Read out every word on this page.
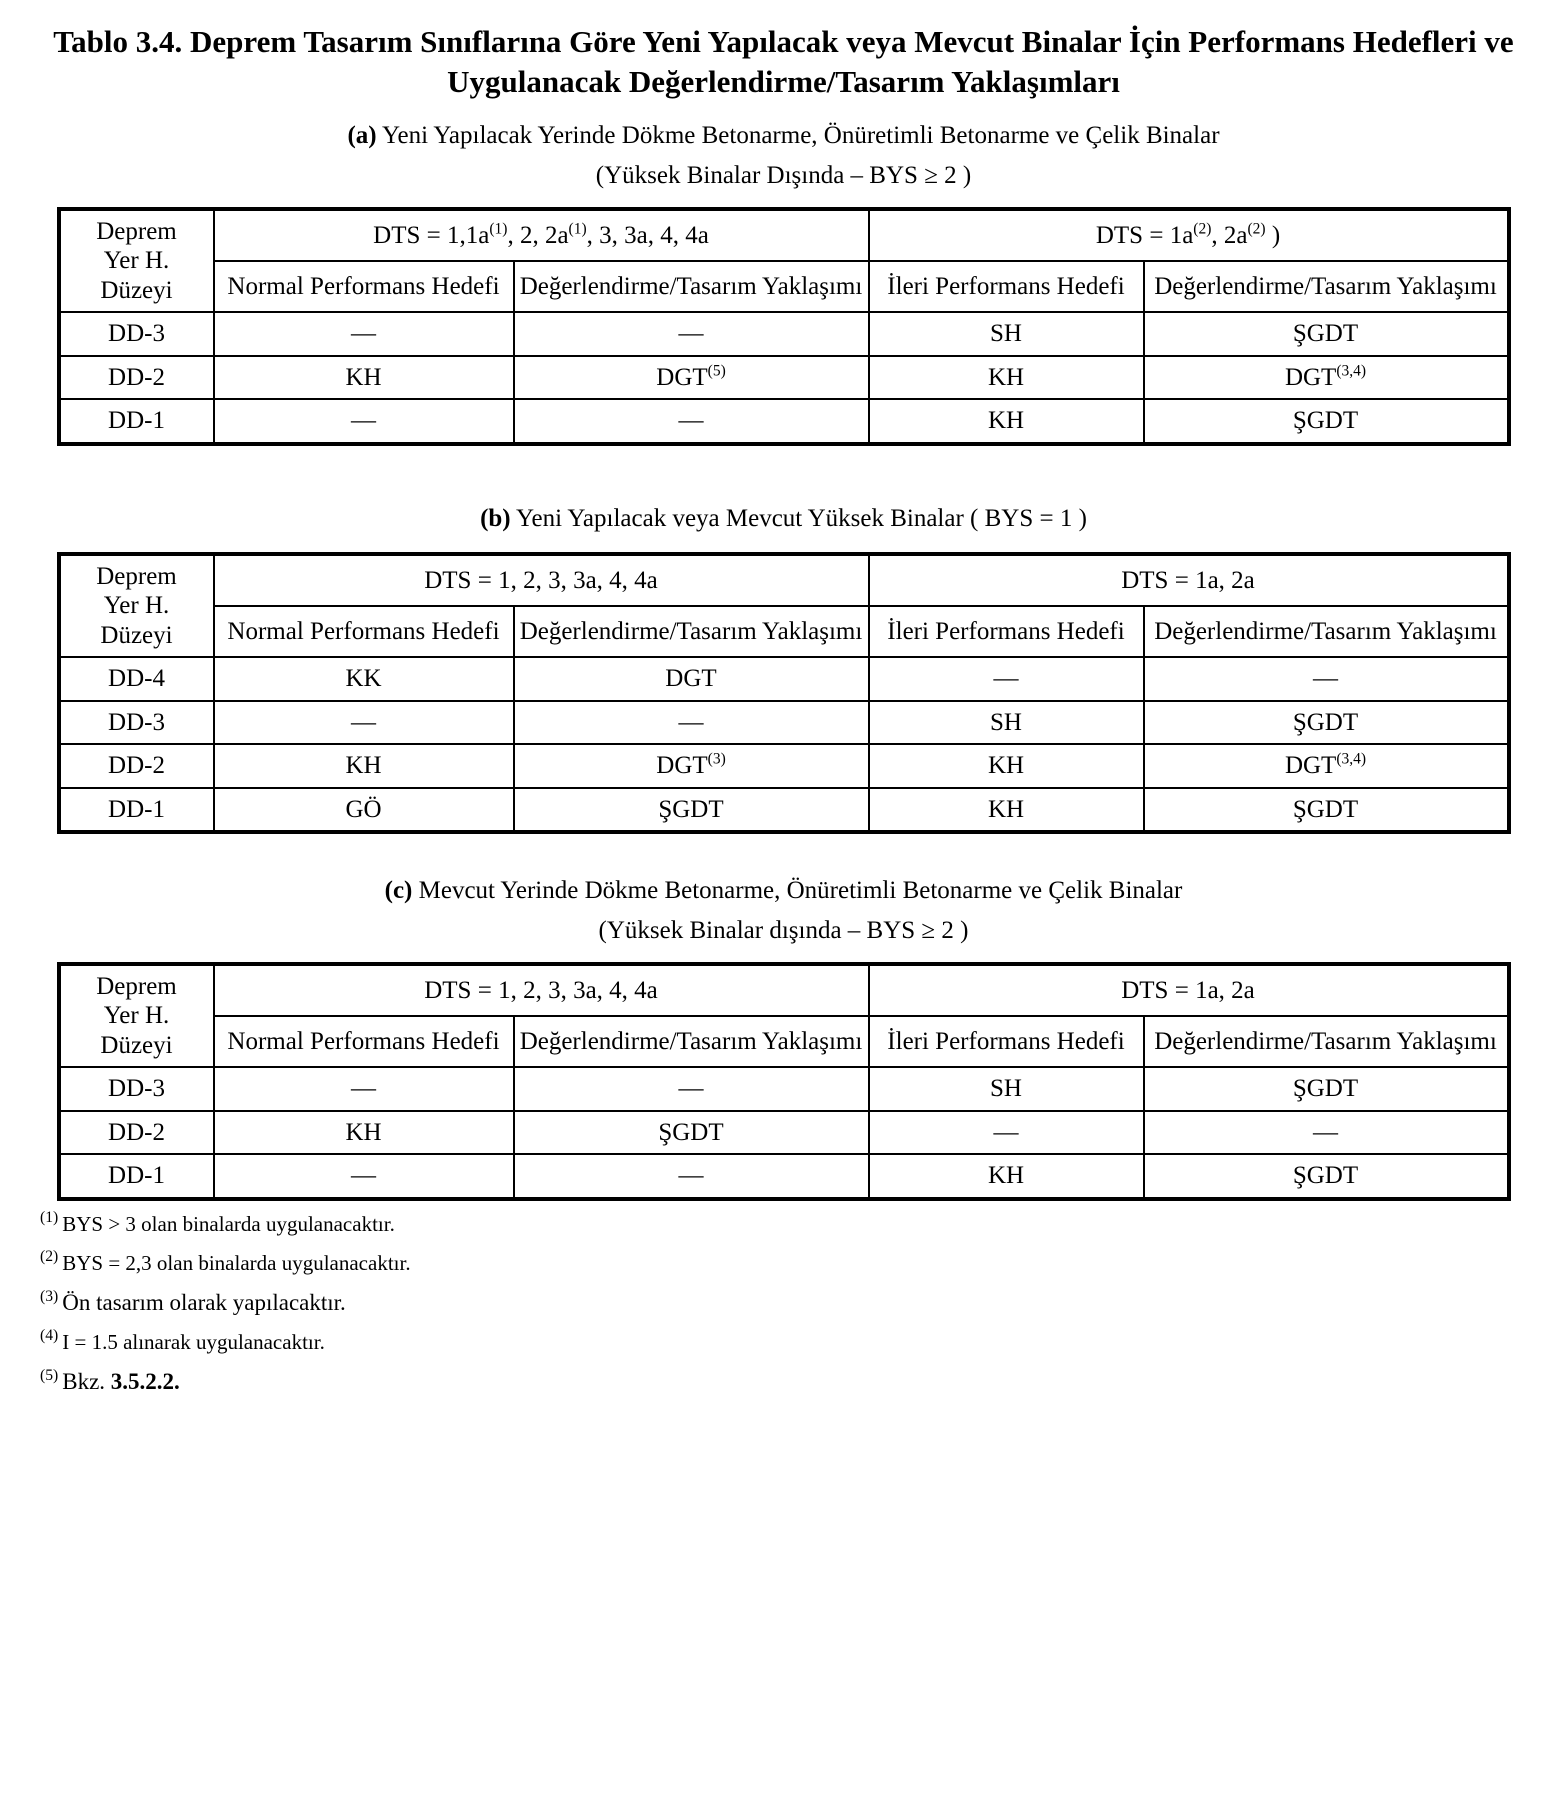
Tablo 3.4. Deprem Tasarım Sınıflarına Göre Yeni Yapılacak veya Mevcut Binalar İçin Performans Hedefleri ve Uygulanacak Değerlendirme/Tasarım Yaklaşımları
(a) Yeni Yapılacak Yerinde Dökme Betonarme, Önüretimli Betonarme ve Çelik Binalar
(Yüksek Binalar Dışında – BYS ≥ 2 )
Deprem
Yer H.
Düzeyi	DTS = $1,1a^{(1)}$, 2, $2a^{(1)}$, 3, 3a, 4, 4a		DTS = $1a^{(2)}$, $2a^{(2)}$ )	
	Normal Performans Hedefi	Değerlendirme/Tasarım Yaklaşımı	İleri Performans Hedefi	Değerlendirme/Tasarım Yaklaşımı
DD-3	—	—	SH	ŞGDT
DD-2	KH	DGT$^{(5)}$	KH	DGT$^{(3,4)}$
DD-1	—	—	KH	ŞGDT
(b) Yeni Yapılacak veya Mevcut Yüksek Binalar ( BYS = 1 )
Deprem
Yer H.
Düzeyi	DTS = 1, 2, 3, 3a, 4, 4a		DTS = 1a, 2a	
	Normal Performans Hedefi	Değerlendirme/Tasarım Yaklaşımı	İleri Performans Hedefi	Değerlendirme/Tasarım Yaklaşımı
DD-4	KK	DGT	—	—
DD-3	—	—	SH	ŞGDT
DD-2	KH	DGT$^{(3)}$	KH	DGT$^{(3,4)}$
DD-1	GÖ	ŞGDT	KH	ŞGDT
(c) Mevcut Yerinde Dökme Betonarme, Önüretimli Betonarme ve Çelik Binalar
(Yüksek Binalar dışında – BYS ≥ 2 )
Deprem
Yer H.
Düzeyi	DTS = 1, 2, 3, 3a, 4, 4a		DTS = 1a, 2a	
	Normal Performans Hedefi	Değerlendirme/Tasarım Yaklaşımı	İleri Performans Hedefi	Değerlendirme/Tasarım Yaklaşımı
DD-3	—	—	SH	ŞGDT
DD-2	KH	ŞGDT	—	—
DD-1	—	—	KH	ŞGDT
$^{(1)}$ BYS > 3 olan binalarda uygulanacaktır.
$^{(2)}$ BYS = 2,3 olan binalarda uygulanacaktır.
$^{(3)}$ Ön tasarım olarak yapılacaktır.
$^{(4)}$ I = 1.5 alınarak uygulanacaktır.
$^{(5)}$ Bkz. 3.5.2.2.
